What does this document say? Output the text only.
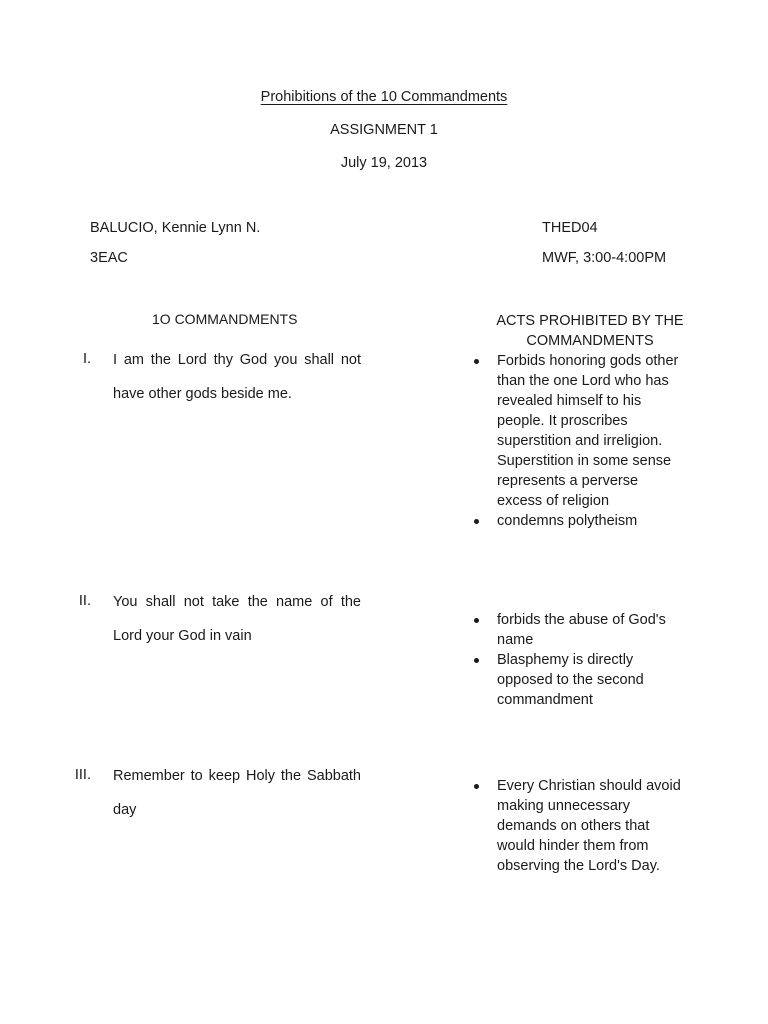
Prohibitions of the 10 Commandments
ASSIGNMENT 1
July 19, 2013
BALUCIO, Kennie Lynn N.
3EAC
THED04
MWF, 3:00-4:00PM
1O COMMANDMENTS	ACTS PROHIBITED BY THE COMMANDMENTS
I. I am the Lord thy God you shall not have other gods beside me.
Forbids honoring gods other than the one Lord who has revealed himself to his people. It proscribes superstition and irreligion. Superstition in some sense represents a perverse excess of religion
condemns polytheism
II. You shall not take the name of the Lord your God in vain
forbids the abuse of God's name
Blasphemy is directly opposed to the second commandment
III. Remember to keep Holy the Sabbath day
Every Christian should avoid making unnecessary demands on others that would hinder them from observing the Lord's Day.
